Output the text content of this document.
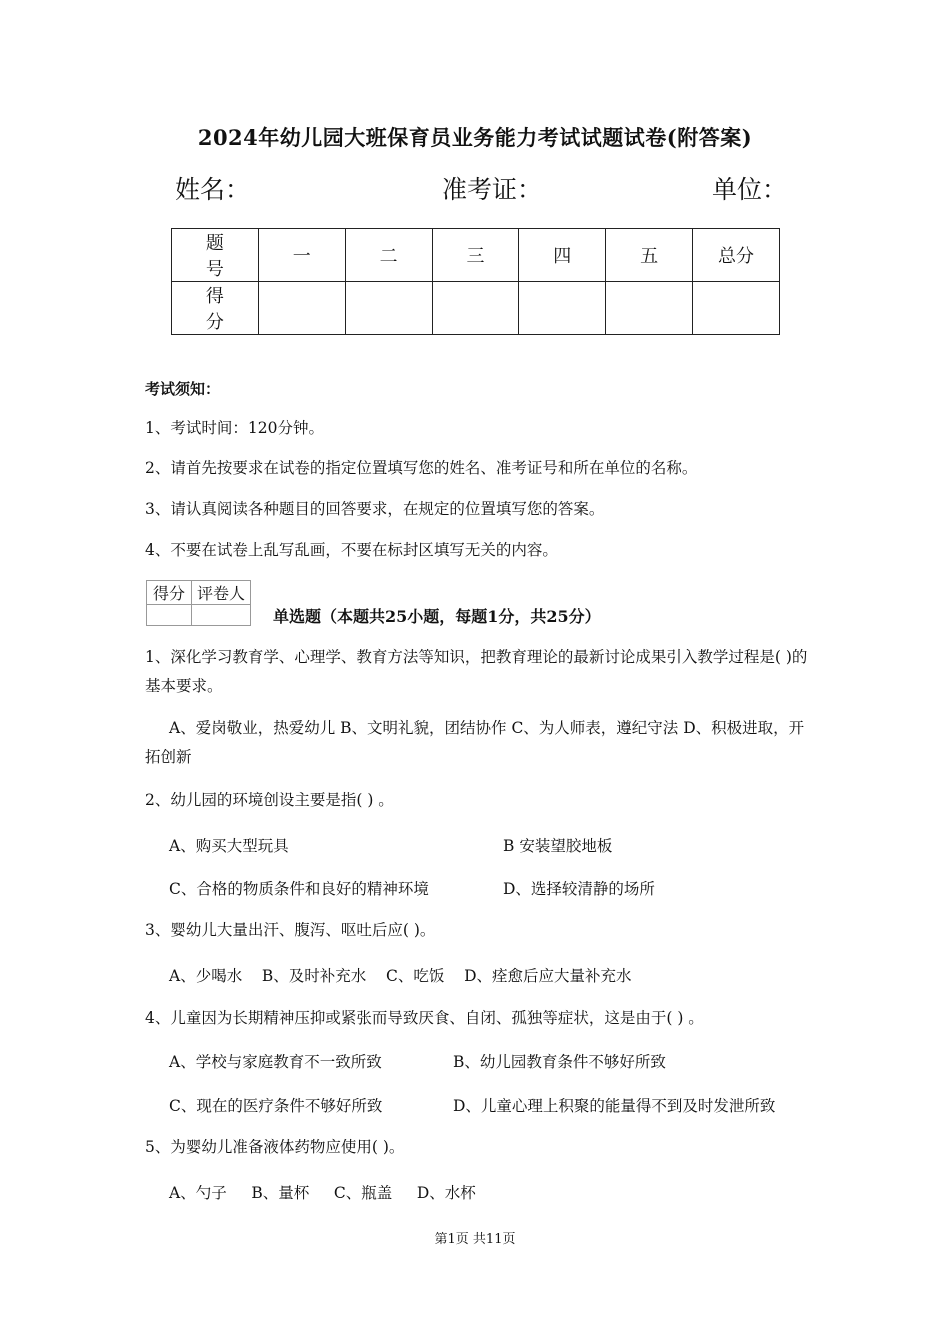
2024年幼儿园大班保育员业务能力考试试题试卷(附答案)
姓名：	准考证：	单位：
题 号	一	二	三	四	五	总分
得 分						
考试须知：
1、考试时间：120分钟。
2、请首先按要求在试卷的指定位置填写您的姓名、准考证号和所在单位的名称。
3、请认真阅读各种题目的回答要求，在规定的位置填写您的答案。
4、不要在试卷上乱写乱画，不要在标封区填写无关的内容。
得分	评卷人

单选题（本题共25小题，每题1分，共25分）
1、深化学习教育学、心理学、教育方法等知识，把教育理论的最新讨论成果引入教学过程是( )的基本要求。
A、爱岗敬业，热爱幼儿 B、文明礼貌，团结协作 C、为人师表，遵纪守法 D、积极进取，开拓创新
2、幼儿园的环境创设主要是指( ) 。
A、购买大型玩具	B 安装望胶地板
C、合格的物质条件和良好的精神环境	D、选择较清静的场所
3、婴幼儿大量出汗、腹泻、呕吐后应( )。
A、少喝水    B、及时补充水    C、吃饭    D、痊愈后应大量补充水
4、儿童因为长期精神压抑或紧张而导致厌食、自闭、孤独等症状，这是由于( ) 。
A、学校与家庭教育不一致所致	B、幼儿园教育条件不够好所致
C、现在的医疗条件不够好所致	D、儿童心理上积聚的能量得不到及时发泄所致
5、为婴幼儿准备液体药物应使用( )。
A、勺子     B、量杯     C、瓶盖     D、水杯
第1页 共11页
